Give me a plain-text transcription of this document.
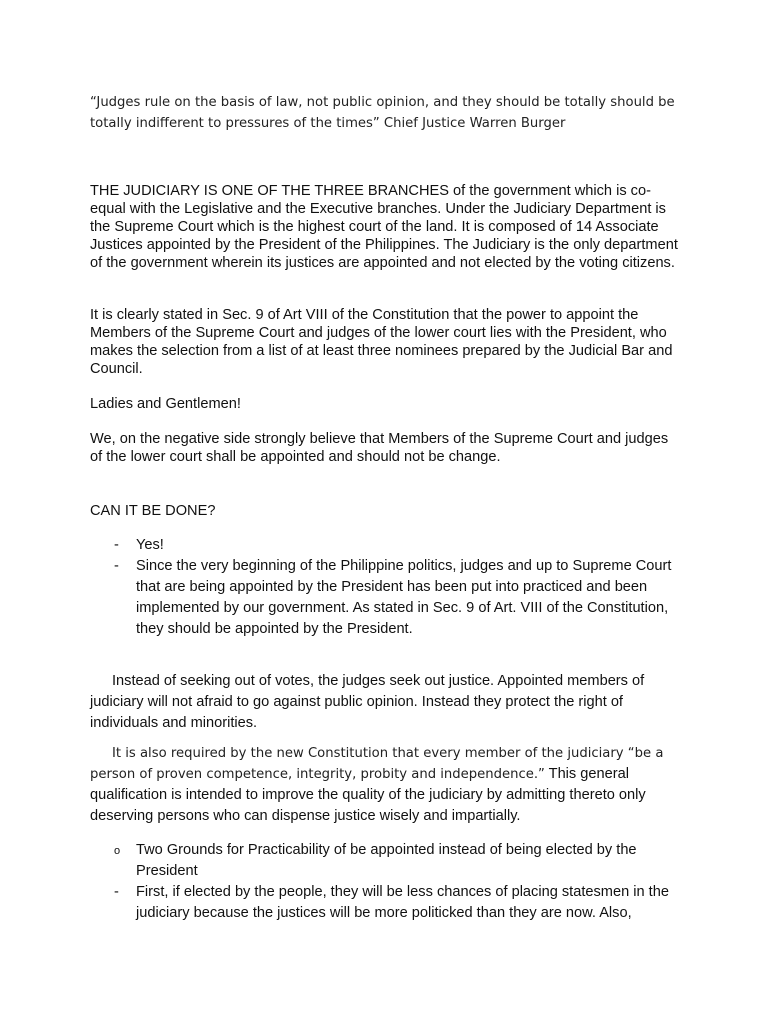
“Judges rule on the basis of law, not public opinion, and they should be totally should be totally indifferent to pressures of the times” Chief Justice Warren Burger

THE JUDICIARY IS ONE OF THE THREE BRANCHES of the government which is co-equal with the Legislative and the Executive branches. Under the Judiciary Department is the Supreme Court which is the highest court of the land. It is composed of 14 Associate Justices appointed by the President of the Philippines. The Judiciary is the only department of the government wherein its justices are appointed and not elected by the voting citizens.

It is clearly stated in Sec. 9 of Art VIII of the Constitution that the power to appoint the Members of the Supreme Court and judges of the lower court lies with the President, who makes the selection from a list of at least three nominees prepared by the Judicial Bar and Council.

Ladies and Gentlemen!

We, on the negative side strongly believe that Members of the Supreme Court and judges of the lower court shall be appointed and should not be change.

CAN IT BE DONE?

- Yes!
- Since the very beginning of the Philippine politics, judges and up to Supreme Court that are being appointed by the President has been put into practiced and been implemented by our government. As stated in Sec. 9 of Art. VIII of the Constitution, they should be appointed by the President.

Instead of seeking out of votes, the judges seek out justice. Appointed members of judiciary will not afraid to go against public opinion. Instead they protect the right of individuals and minorities.

It is also required by the new Constitution that every member of the judiciary “be a person of proven competence, integrity, probity and independence.” This general qualification is intended to improve the quality of the judiciary by admitting thereto only deserving persons who can dispense justice wisely and impartially.

o Two Grounds for Practicability of be appointed instead of being elected by the President
- First, if elected by the people, they will be less chances of placing statesmen in the judiciary because the justices will be more politicked than they are now. Also,
